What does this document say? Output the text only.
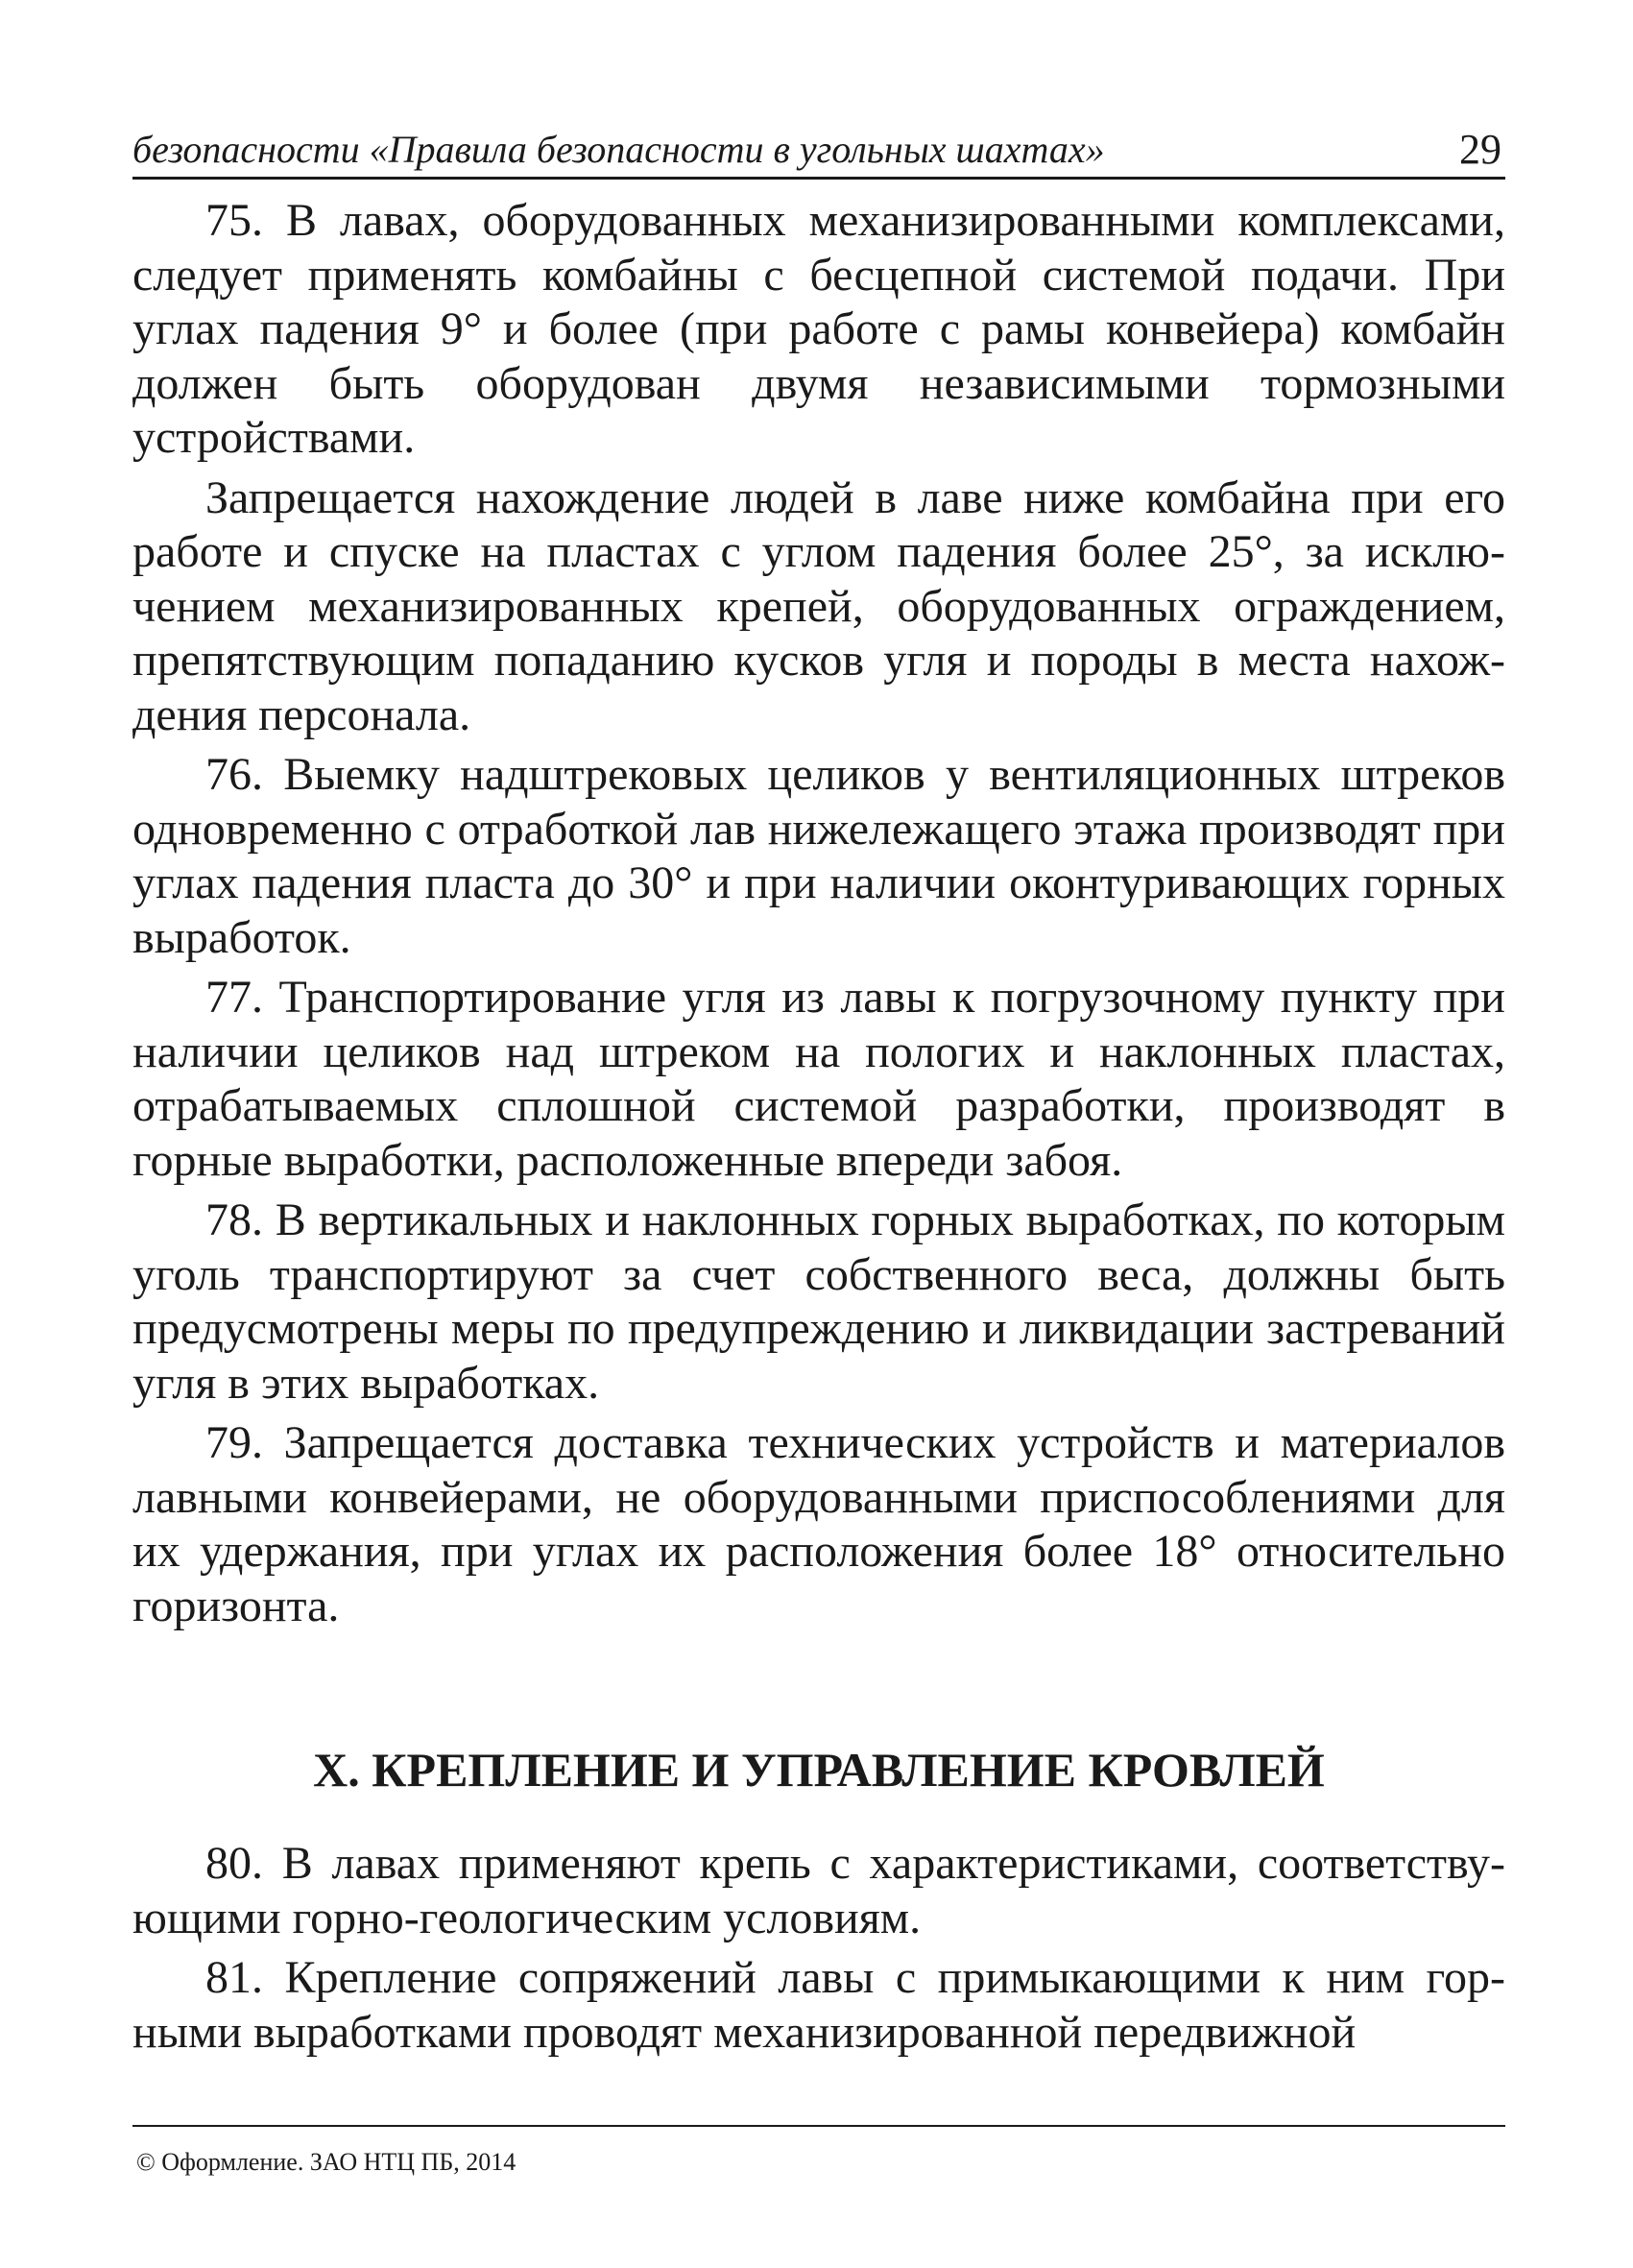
безопасности «Правила безопасности в угольных шахтах»	29

75. В лавах, оборудованных механизированными комплексами, следует применять комбайны с бесцепной системой подачи. При углах падения 9° и более (при работе с рамы конвейера) комбайн должен быть оборудован двумя независимыми тормозными устройствами.

Запрещается нахождение людей в лаве ниже комбайна при его работе и спуске на пластах с углом падения более 25°, за исключением механизированных крепей, оборудованных ограждением, препятствующим попаданию кусков угля и породы в места нахождения персонала.

76. Выемку надштрековых целиков у вентиляционных штреков одновременно с отработкой лав нижележащего этажа производят при углах падения пласта до 30° и при наличии оконтуривающих горных выработок.

77. Транспортирование угля из лавы к погрузочному пункту при наличии целиков над штреком на пологих и наклонных пластах, отрабатываемых сплошной системой разработки, производят в горные выработки, расположенные впереди забоя.

78. В вертикальных и наклонных горных выработках, по которым уголь транспортируют за счет собственного веса, должны быть предусмотрены меры по предупреждению и ликвидации застреваний угля в этих выработках.

79. Запрещается доставка технических устройств и материалов лавными конвейерами, не оборудованными приспособлениями для их удержания, при углах их расположения более 18° относительно горизонта.

X. КРЕПЛЕНИЕ И УПРАВЛЕНИЕ КРОВЛЕЙ

80. В лавах применяют крепь с характеристиками, соответствующими горно-геологическим условиям.

81. Крепление сопряжений лавы с примыкающими к ним горными выработками проводят механизированной передвижной

© Оформление. ЗАО НТЦ ПБ, 2014
